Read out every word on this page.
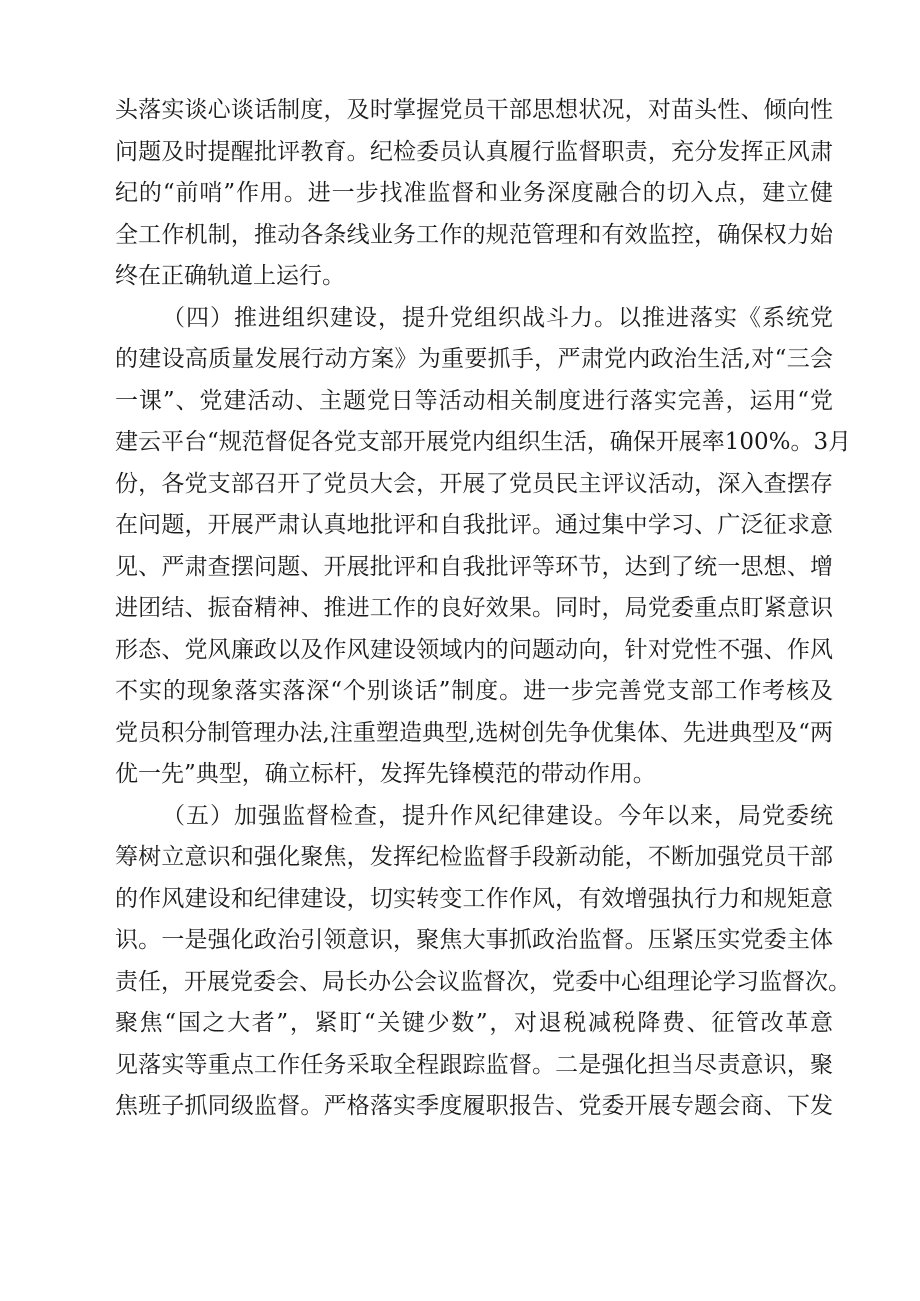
头落实谈心谈话制度，及时掌握党员干部思想状况，对苗头性、倾向性
问题及时提醒批评教育。纪检委员认真履行监督职责，充分发挥正风肃
纪的“前哨”作用。进一步找准监督和业务深度融合的切入点，建立健
全工作机制，推动各条线业务工作的规范管理和有效监控，确保权力始
终在正确轨道上运行。
（四）推进组织建设，提升党组织战斗力。以推进落实《系统党
的建设高质量发展行动方案》为重要抓手，严肃党内政治生活,对“三会
一课”、党建活动、主题党日等活动相关制度进行落实完善，运用“党
建云平台“规范督促各党支部开展党内组织生活，确保开展率100%。3月
份，各党支部召开了党员大会，开展了党员民主评议活动，深入查摆存
在问题，开展严肃认真地批评和自我批评。通过集中学习、广泛征求意
见、严肃查摆问题、开展批评和自我批评等环节，达到了统一思想、增
进团结、振奋精神、推进工作的良好效果。同时，局党委重点盯紧意识
形态、党风廉政以及作风建设领域内的问题动向，针对党性不强、作风
不实的现象落实落深“个别谈话”制度。进一步完善党支部工作考核及
党员积分制管理办法,注重塑造典型,选树创先争优集体、先进典型及“两
优一先”典型，确立标杆，发挥先锋模范的带动作用。
（五）加强监督检查，提升作风纪律建设。今年以来，局党委统
筹树立意识和强化聚焦，发挥纪检监督手段新动能，不断加强党员干部
的作风建设和纪律建设，切实转变工作作风，有效增强执行力和规矩意
识。一是强化政治引领意识，聚焦大事抓政治监督。压紧压实党委主体
责任，开展党委会、局长办公会议监督次，党委中心组理论学习监督次。
聚焦“国之大者”，紧盯“关键少数”，对退税减税降费、征管改革意
见落实等重点工作任务采取全程跟踪监督。二是强化担当尽责意识，聚
焦班子抓同级监督。严格落实季度履职报告、党委开展专题会商、下发
